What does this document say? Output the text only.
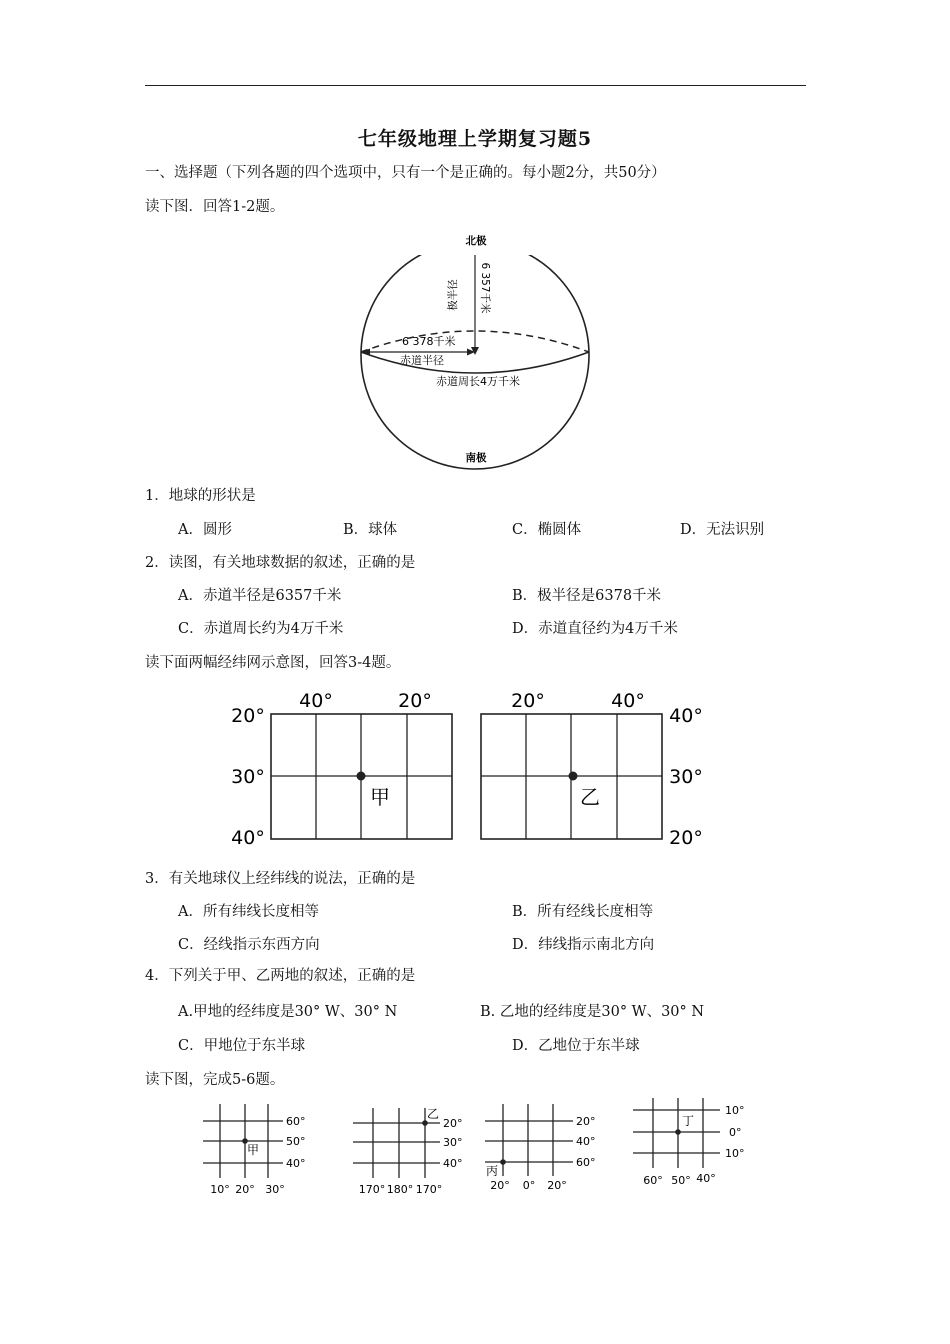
七年级地理上学期复习题5
一、选择题（下列各题的四个选项中，只有一个是正确的。每小题2分，共50分）
读下图．回答1-2题。
极半径 6 357千米
6 378千米
赤道半径
赤道周长4万千米
北极
南极
1．地球的形状是
A．圆形	B．球体	C．椭圆体	D．无法识别
2．读图，有关地球数据的叙述，正确的是
A．赤道半径是6357千米	B．极半径是6378千米
C．赤道周长约为4万千米	D．赤道直径约为4万千米
读下面两幅经纬网示意图，回答3-4题。
40°	20°
20°
30°
40°
甲
20°	40°
40°
30°
20°
乙
3．有关地球仪上经纬线的说法，正确的是
A．所有纬线长度相等	B．所有经线长度相等
C．经线指示东西方向	D．纬线指示南北方向
4．下列关于甲、乙两地的叙述，正确的是
A.甲地的经纬度是30° W、30° N	B. 乙地的经纬度是30° W、30° N
C．甲地位于东半球	D．乙地位于东半球
读下图，完成5-6题。
60°
50°
40°
10° 20° 30°
甲
20°
30°
40°
170° 180° 170°
乙
20°
40°
60°
20° 0° 20°
丙
10°
0°
10°
60° 50° 40°
丁
